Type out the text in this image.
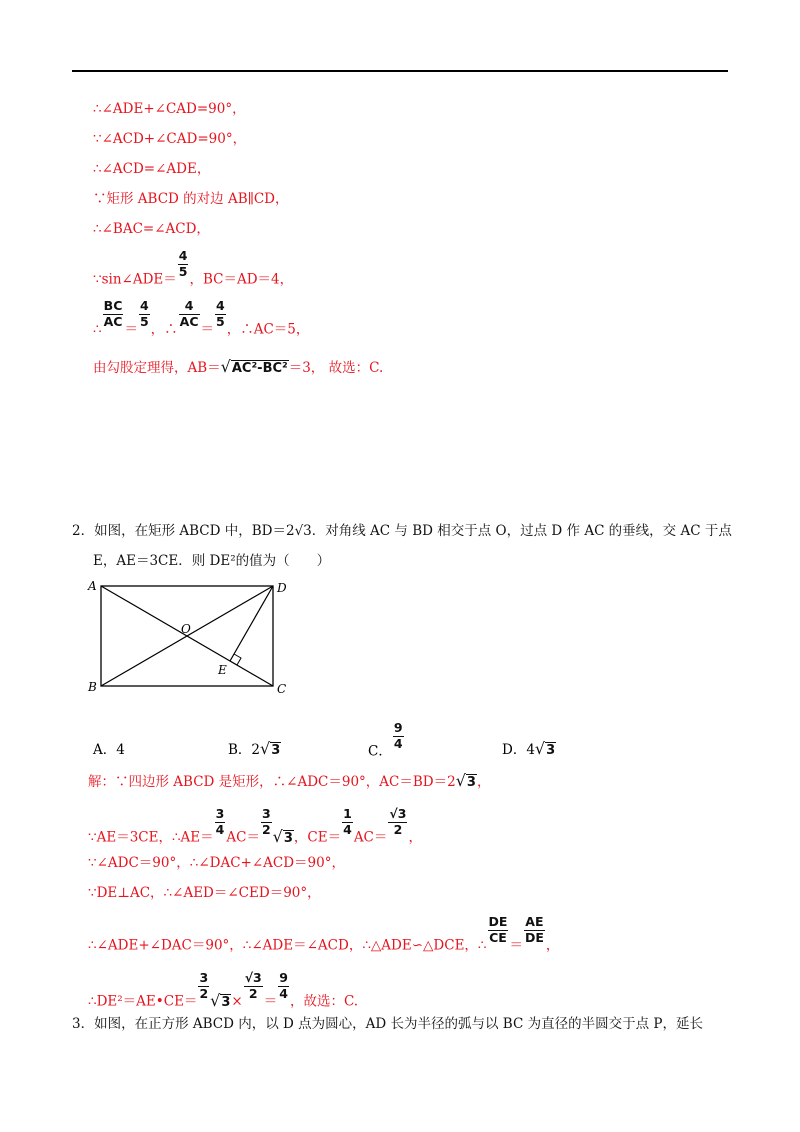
∴∠ADE+∠CAD=90°，
∵∠ACD+∠CAD=90°，
∴∠ACD=∠ADE，
∵矩形 ABCD 的对边 AB∥CD，
∴∠BAC=∠ACD，
∵sin∠ADE＝
$\frac{4}{5}$
，BC＝AD＝4，
∴
$\frac{BC}{AC}$
＝
$\frac{4}{5}$
，∴
$\frac{4}{AC}$
＝
$\frac{4}{5}$
，∴AC＝5，
由勾股定理得，AB＝√AC²-BC²＝3， 故选：C.
2．如图，在矩形 ABCD 中，BD＝2√3．对角线 AC 与 BD 相交于点 O，过点 D 作 AC 的垂线，交 AC 于点
E，AE＝3CE．则 DE²的值为（　　）
A	D
B	C
O
E
A．4	B．2√3	C．
$\frac{9}{4}$	D．4√3
解：∵四边形 ABCD 是矩形，∴∠ADC＝90°，AC＝BD＝2√3，
∵AE＝3CE，∴AE＝
$\frac{3}{4}$
AC＝
$\frac{3}{2} √3$，CE＝
$\frac{1}{4}$
AC＝
$\frac{√3}{2}$
，
∵∠ADC＝90°，∴∠DAC+∠ACD＝90°，
∵DE⊥AC，∴∠AED＝∠CED＝90°，
∴∠ADE+∠DAC＝90°，∴∠ADE＝∠ACD，∴△ADE∽△DCE，∴
$\frac{DE}{CE}$
＝
$\frac{AE}{DE}$
，
∴DE²＝AE•CE＝
$\frac{3}{2} √3\times$
$\frac{√3}{2}$
＝
$\frac{9}{4}$
，故选：C.
3．如图，在正方形 ABCD 内，以 D 点为圆心，AD 长为半径的弧与以 BC 为直径的半圆交于点 P，延长
